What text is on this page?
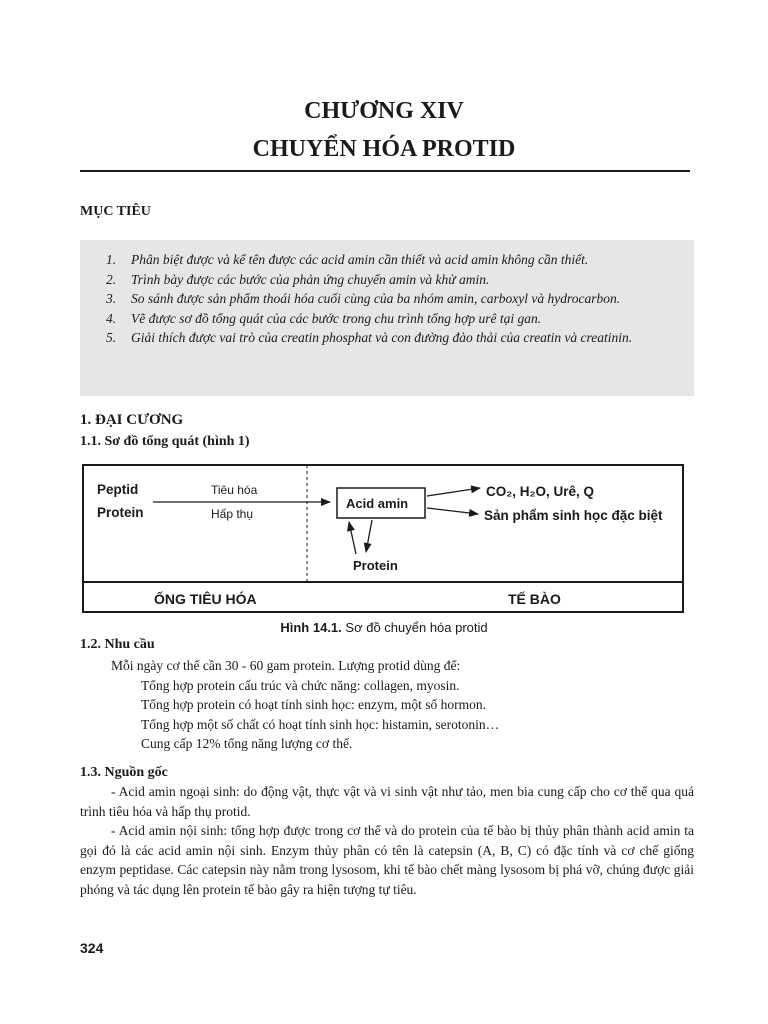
CHƯƠNG XIV
CHUYỂN HÓA PROTID
MỤC TIÊU
1. Phân biệt được và kể tên được các acid amin cần thiết và acid amin không cần thiết.
2. Trình bày được các bước của phản ứng chuyển amin và khử amin.
3. So sánh được sản phẩm thoái hóa cuối cùng của ba nhóm amin, carboxyl và hydrocarbon.
4. Vẽ được sơ đồ tổng quát của các bước trong chu trình tổng hợp urê tại gan.
5. Giải thích được vai trò của creatin phosphat và con đường đào thải của creatin và creatinin.
1. ĐẠI CƯƠNG
1.1. Sơ đồ tổng quát (hình 1)
Peptid
Protein
Tiêu hóa
Hấp thụ
Acid amin
CO₂, H₂O, Urê, Q
Sản phẩm sinh học đặc biệt
Protein
ỐNG TIÊU HÓA	TẾ BÀO
Hình 14.1. Sơ đồ chuyển hóa protid
1.2. Nhu cầu
Mỗi ngày cơ thể cần 30 - 60 gam protein. Lượng protid dùng để:
Tổng hợp protein cấu trúc và chức năng: collagen, myosin.
Tổng hợp protein có hoạt tính sinh học: enzym, một số hormon.
Tổng hợp một số chất có hoạt tính sinh học: histamin, serotonin…
Cung cấp 12% tổng năng lượng cơ thể.
1.3. Nguồn gốc

- Acid amin ngoại sinh: do động vật, thực vật và vi sinh vật như tảo, men bia cung cấp cho cơ thể qua quá trình tiêu hóa và hấp thụ protid.

- Acid amin nội sinh: tổng hợp được trong cơ thể và do protein của tế bào bị thủy phân thành acid amin ta gọi đó là các acid amin nội sinh. Enzym thủy phân có tên là catepsin (A, B, C) có đặc tính và cơ chế giống enzym peptidase. Các catepsin này nằm trong lysosom, khi tế bào chết màng lysosom bị phá vỡ, chúng được giải phóng và tác dụng lên protein tế bào gây ra hiện tượng tự tiêu.

324
